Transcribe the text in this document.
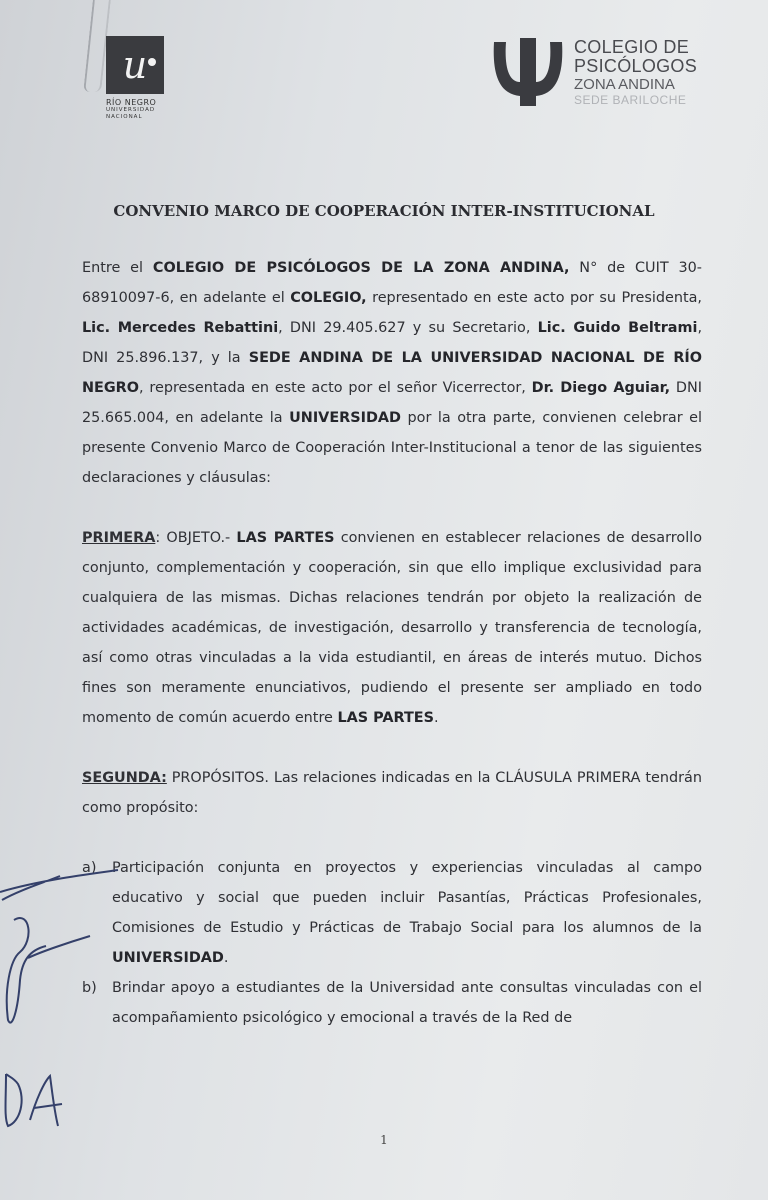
u
RÍO NEGRO
UNIVERSIDAD
NACIONAL
COLEGIO DE
PSICÓLOGOS
ZONA ANDINA
SEDE BARILOCHE
CONVENIO MARCO DE COOPERACIÓN INTER-INSTITUCIONAL

Entre el COLEGIO DE PSICÓLOGOS DE LA ZONA ANDINA, N° de CUIT 30-68910097-6, en adelante el COLEGIO, representado en este acto por su Presidenta, Lic. Mercedes Rebattini, DNI 29.405.627 y su Secretario, Lic. Guido Beltrami, DNI 25.896.137, y la SEDE ANDINA DE LA UNIVERSIDAD NACIONAL DE RÍO NEGRO, representada en este acto por el señor Vicerrector, Dr. Diego Aguiar, DNI 25.665.004, en adelante la UNIVERSIDAD por la otra parte, convienen celebrar el presente Convenio Marco de Cooperación Inter-Institucional a tenor de las siguientes declaraciones y cláusulas:

PRIMERA: OBJETO.- LAS PARTES convienen en establecer relaciones de desarrollo conjunto, complementación y cooperación, sin que ello implique exclusividad para cualquiera de las mismas. Dichas relaciones tendrán por objeto la realización de actividades académicas, de investigación, desarrollo y transferencia de tecnología, así como otras vinculadas a la vida estudiantil, en áreas de interés mutuo. Dichos fines son meramente enunciativos, pudiendo el presente ser ampliado en todo momento de común acuerdo entre LAS PARTES.

SEGUNDA: PROPÓSITOS. Las relaciones indicadas en la CLÁUSULA PRIMERA tendrán como propósito:

a) Participación conjunta en proyectos y experiencias vinculadas al campo educativo y social que pueden incluir Pasantías, Prácticas Profesionales, Comisiones de Estudio y Prácticas de Trabajo Social para los alumnos de la UNIVERSIDAD.
b) Brindar apoyo a estudiantes de la Universidad ante consultas vinculadas con el acompañamiento psicológico y emocional a través de la Red de
1
